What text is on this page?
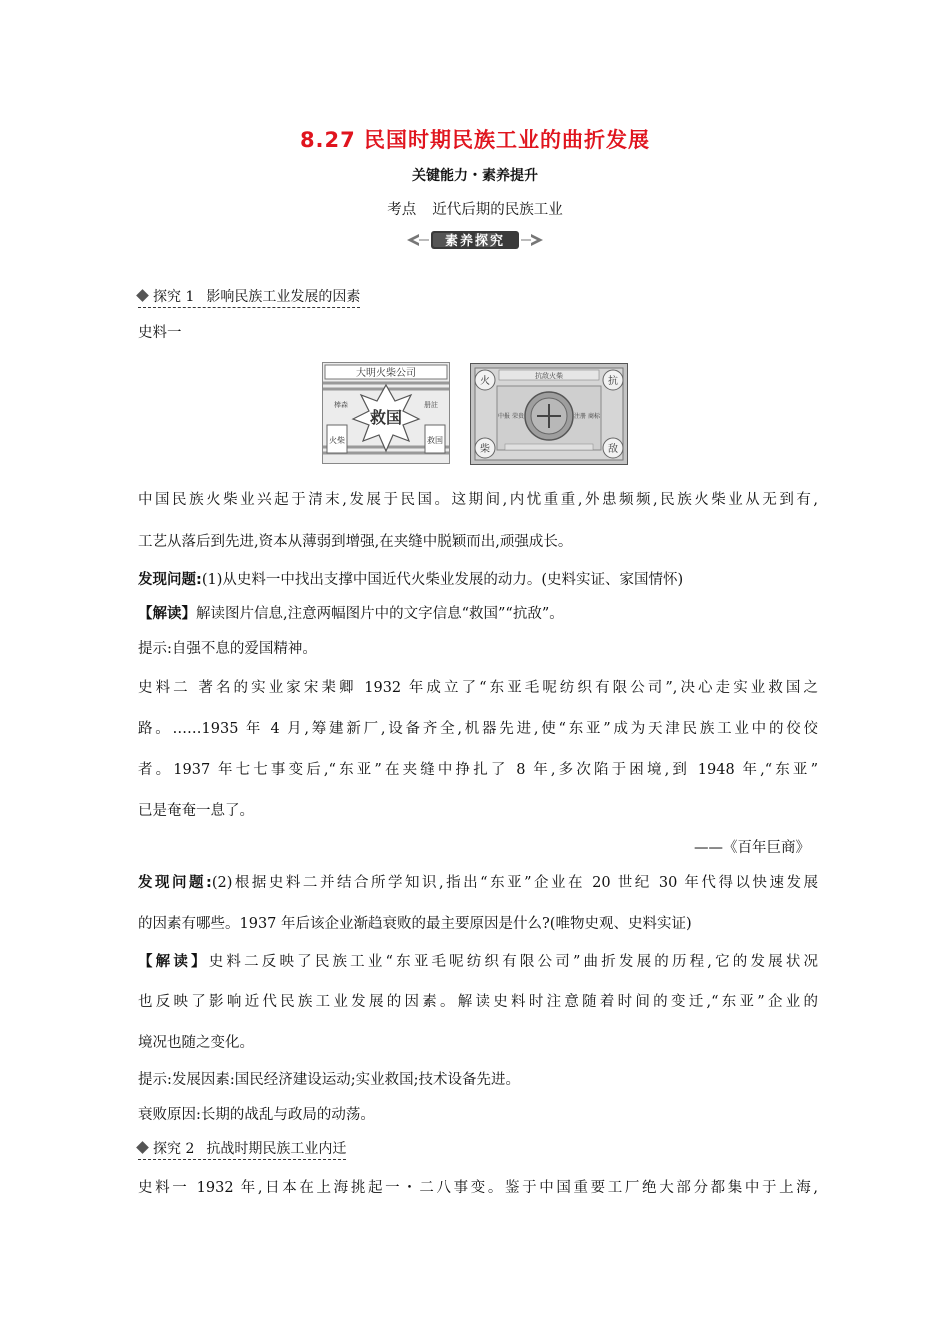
8.27 民国时期民族工业的曲折发展
关键能力・素养提升
考点 近代后期的民族工业
素养探究
探究 1 影响民族工业发展的因素
史料一
大明火柴公司
救国
棒森	册註
火柴	救国
抗敌火柴
火	抗
柴	敌
中报 荣贵	注册 商标
中国民族火柴业兴起于清末,发展于民国。这期间,内忧重重,外患频频,民族火柴业从无到有,
工艺从落后到先进,资本从薄弱到增强,在夹缝中脱颖而出,顽强成长。
发现问题:(1)从史料一中找出支撑中国近代火柴业发展的动力。(史料实证、家国情怀)
【解读】解读图片信息,注意两幅图片中的文字信息“救国”“抗敌”。
提示:自强不息的爱国精神。
史料二 著名的实业家宋棐卿 1932 年成立了“东亚毛呢纺织有限公司”,决心走实业救国之
路。……1935 年 4 月,筹建新厂,设备齐全,机器先进,使“东亚”成为天津民族工业中的佼佼
者。1937 年七七事变后,“东亚”在夹缝中挣扎了 8 年,多次陷于困境,到 1948 年,“东亚”
已是奄奄一息了。
——《百年巨商》
发现问题:(2)根据史料二并结合所学知识,指出“东亚”企业在 20 世纪 30 年代得以快速发展
的因素有哪些。1937 年后该企业渐趋衰败的最主要原因是什么?(唯物史观、史料实证)
【解读】史料二反映了民族工业“东亚毛呢纺织有限公司”曲折发展的历程,它的发展状况
也反映了影响近代民族工业发展的因素。解读史料时注意随着时间的变迁,“东亚”企业的
境况也随之变化。
提示:发展因素:国民经济建设运动;实业救国;技术设备先进。
衰败原因:长期的战乱与政局的动荡。
探究 2 抗战时期民族工业内迁
史料一 1932 年,日本在上海挑起一・二八事变。鉴于中国重要工厂绝大部分都集中于上海,
